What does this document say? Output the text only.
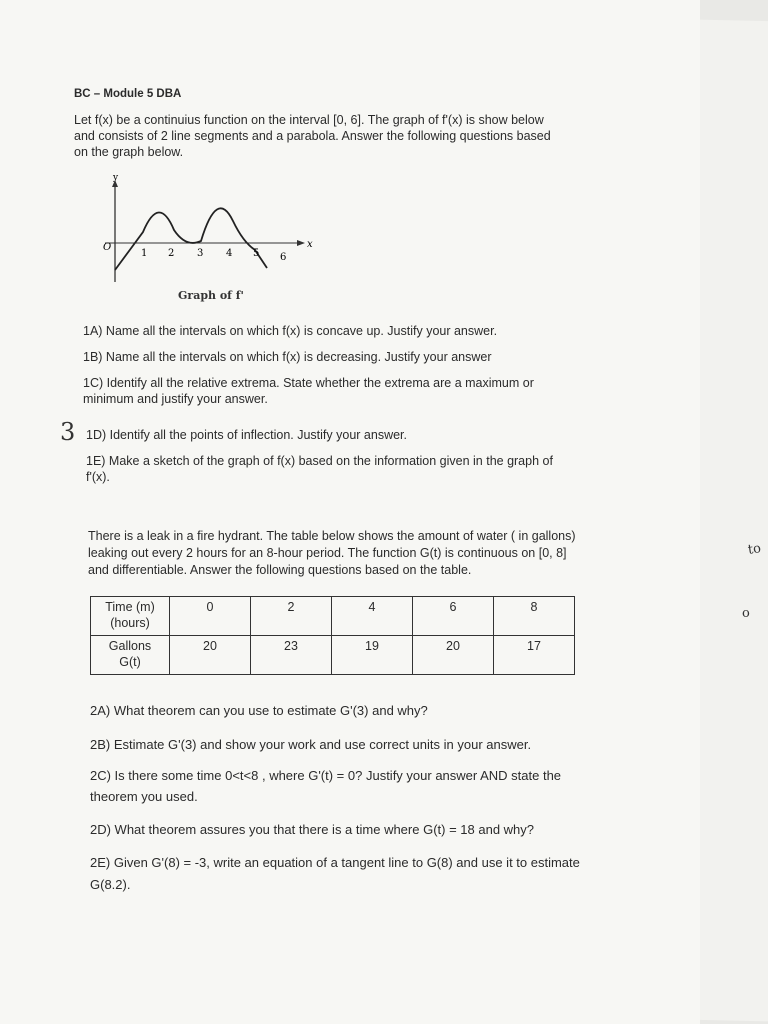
BC – Module 5 DBA
Let f(x) be a continuius function on the interval [0, 6]. The graph of f'(x) is show below
and consists of 2 line segments and a parabola. Answer the following questions based
on the graph below.
y
x
O
1 2 3 4 5 6
Graph of f'
1A) Name all the intervals on which f(x) is concave up. Justify your answer.
1B) Name all the intervals on which f(x) is decreasing. Justify your answer
1C) Identify all the relative extrema. State whether the extrema are a maximum or
minimum and justify your answer.
1D) Identify all the points of inflection. Justify your answer.
1E) Make a sketch of the graph of f(x) based on the information given in the graph of
f'(x).
3
There is a leak in a fire hydrant. The table below shows the amount of water ( in gallons)
leaking out every 2 hours for an 8-hour period. The function G(t) is continuous on [0, 8]
and differentiable. Answer the following questions based on the table.
Time (m)
(hours)	0	2	4	6	8

Gallons
G(t)	20	23	19	20	17
2A) What theorem can you use to estimate G'(3) and why?
2B) Estimate G'(3) and show your work and use correct units in your answer.
2C) Is there some time 0<t<8 , where G'(t) = 0? Justify your answer AND state the
theorem you used.
2D) What theorem assures you that there is a time where G(t) = 18 and why?
2E) Given G'(8) = -3, write an equation of a tangent line to G(8) and use it to estimate
G(8.2).
to
o
